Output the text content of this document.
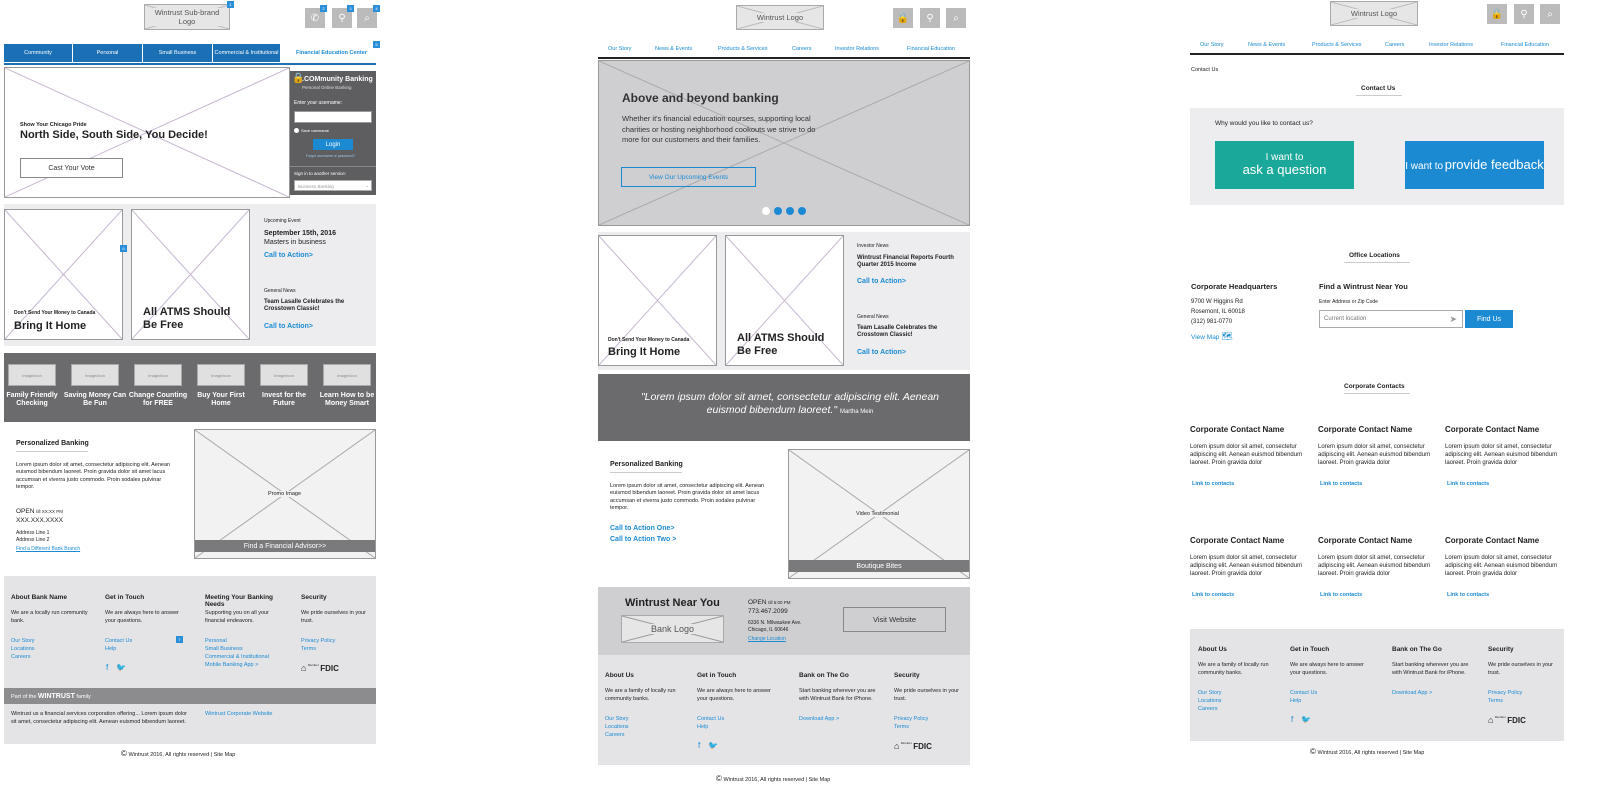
Wintrust Sub-brand Logo
1
✆
2
⚲
3
⌕
4
Community	Personal	Small Business	Commercial & Institutional	Financial Education Center
5
Show Your Chicago Pride
North Side, South Side, You Decide!
Cast Your Vote
🔒
.COMmunity Banking
Personal Online Banking
Enter your username:
Save username
Login
Forgot username or password?
Sign in to another service:
Business Banking	⌄
Don't Send Your Money to Canada
Bring It Home
6
All ATMS Should Be Free
Upcoming Event
September 15th, 2016
Masters in business
Call to Action>
General News
Team Lasalle Celebrates the Crosstown Classic!
Call to Action>
Image/Icon
Family Friendly Checking
Image/Icon
Saving Money Can Be Fun
Image/Icon
Change Counting for FREE
Image/Icon
Buy Your First Home
Image/Icon
Invest for the Future
Image/Icon
Learn How to be Money Smart
Personalized Banking
Lorem ipsum dolor sit amet, consectetur adipiscing elit. Aenean euismod bibendum laoreet. Proin gravida dolor sit amet lacus accumsan et viverra justo commodo. Proin sodales pulvinar tempor.
OPEN till XX:XX PM
XXX.XXX.XXXX
Address Line 1
Address Line 2
Find a Different Bank Branch
Promo Image
Find a Financial Advisor>>
About Bank Name
We are a locally run community bank.
Our Story
Locations
Careers
Get in Touch
We are always here to answer your questions.
Contact Us
Help
Meeting Your Banking Needs
Supporting you on all your financial endeavors.
Personal
Small Business
Commercial & Institutional
Mobile Banking App >
Security
We pride ourselves in your trust.
Privacy Policy
Terms
f 🐦
7
⌂ $^{Member}$ FDIC
Part of the WINTRUST family
Wintrust us a financial services corporation offering... Lorem ipsum dolor sit amet, consectetur adipiscing elit. Aenean euismod bibendum laoreet.
Wintrust Corporate Website
© Wintrust 2016, All rights reserved | Site Map
Wintrust Logo	🔒	⚲	⌕
Our Story	News & Events	Products & Services	Careers	Investor Relations	Financial Education
Above and beyond banking
Whether it's financial education courses, supporting local charities or hosting neighborhood cookouts we strive to do more for our customers and their families.
View Our Upcoming Events
Don't Send Your Money to Canada
Bring It Home
All ATMS Should Be Free
Investor News
Wintrust Financial Reports Fourth Quarter 2015 Income
Call to Action>
General News
Team Lasalle Celebrates the Crosstown Classic!
Call to Action>
"Lorem ipsum dolor sit amet, consectetur adipiscing elit. Aenean euismod bibendum laoreet." Martha Mein
Personalized Banking
Lorem ipsum dolor sit amet, consectetur adipiscing elit. Aenean euismod bibendum laoreet. Proin gravida dolor sit amet lacus accumsan et viverra justo commodo. Proin sodales pulvinar tempor.
Call to Action One>
Call to Action Two >
Video Testimonial
Boutique Bites
Wintrust Near You
Bank Logo
OPEN till 5:00 PM
773.467.2099
6336 N. Milwaukee Ave.
Chicago, IL 60646
Change Location
Visit Website
About Us
We are a family of locally run community banks.
Our Story
Locations
Careers
Get in Touch
We are always here to answer your questions.
Contact Us
Help
Bank on The Go
Start banking wherever you are with Wintrust Bank for iPhone.
Download App >
Security
We pride ourselves in your trust.
Privacy Policy
Terms
f 🐦	⌂ $^{Member}$ FDIC
© Wintrust 2016, All rights reserved | Site Map
Wintrust Logo	🔒	⚲	⌕
Our Story	News & Events	Products & Services	Careers	Investor Relations	Financial Education
Contact Us
Contact Us
Why would you like to contact us?
I want to
ask a question	I want to provide feedback
Office Locations
Corporate Headquarters
9700 W Higgins Rd
Rosemont, IL 60018
(312) 981-0770
View Map 🗺
Find a Wintrust Near You
Enter Address or Zip Code
Current location	➤	Find Us
Corporate Contacts
Corporate Contact Name
Lorem ipsum dolor sit amet, consectetur adipiscing elit. Aenean euismod bibendum laoreet. Proin gravida dolor
Link to contacts
Corporate Contact Name
Lorem ipsum dolor sit amet, consectetur adipiscing elit. Aenean euismod bibendum laoreet. Proin gravida dolor
Link to contacts
Corporate Contact Name
Lorem ipsum dolor sit amet, consectetur adipiscing elit. Aenean euismod bibendum laoreet. Proin gravida dolor
Link to contacts
Corporate Contact Name
Lorem ipsum dolor sit amet, consectetur adipiscing elit. Aenean euismod bibendum laoreet. Proin gravida dolor
Link to contacts
Corporate Contact Name
Lorem ipsum dolor sit amet, consectetur adipiscing elit. Aenean euismod bibendum laoreet. Proin gravida dolor
Link to contacts
Corporate Contact Name
Lorem ipsum dolor sit amet, consectetur adipiscing elit. Aenean euismod bibendum laoreet. Proin gravida dolor
Link to contacts
About Us
We are a family of locally run community banks.
Our Story
Locations
Careers
Get in Touch
We are always here to answer your questions.
Contact Us
Help
Bank on The Go
Start banking wherever you are with Wintrust Bank for iPhone.
Download App >
Security
We pride ourselves in your trust.
Privacy Policy
Terms
f 🐦	⌂ $^{Member}$ FDIC
© Wintrust 2016, All rights reserved | Site Map
